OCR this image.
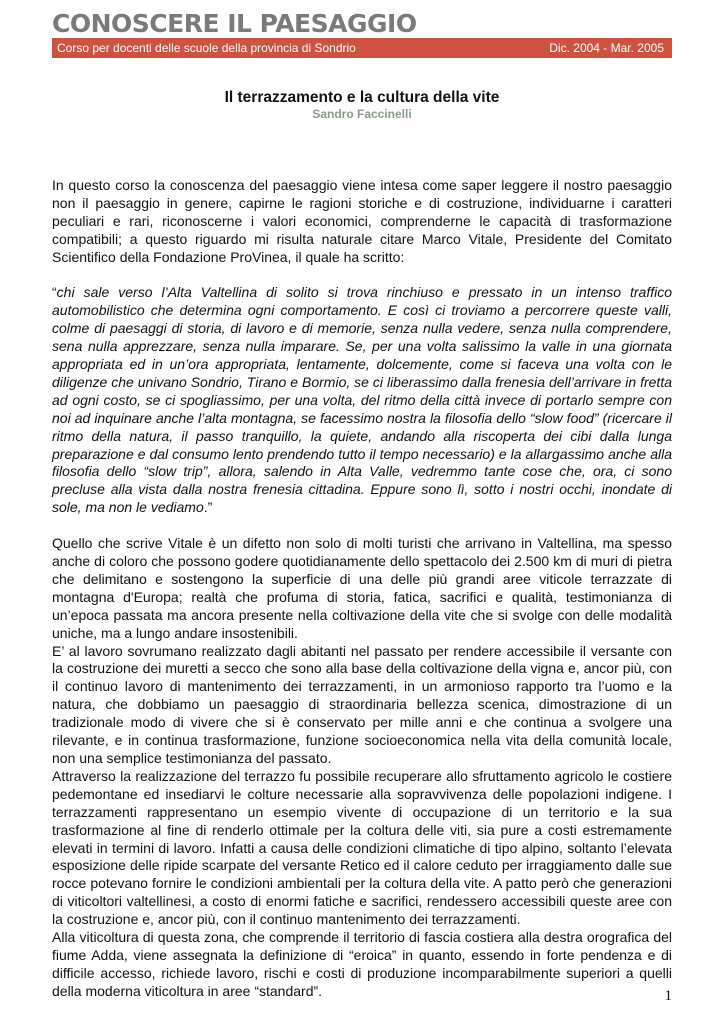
CONOSCERE IL PAESAGGIO
Corso per docenti delle scuole della provincia di Sondrio	Dic. 2004 - Mar. 2005
Il terrazzamento e la cultura della vite
Sandro Faccinelli

In questo corso la conoscenza del paesaggio viene intesa come saper leggere il nostro paesaggio non il paesaggio in genere, capirne le ragioni storiche e di costruzione, individuarne i caratteri peculiari e rari, riconoscerne i valori economici, comprenderne le capacità di trasformazione compatibili; a questo riguardo mi risulta naturale citare Marco Vitale, Presidente del Comitato Scientifico della Fondazione ProVinea, il quale ha scritto:

“chi sale verso l’Alta Valtellina di solito si trova rinchiuso e pressato in un intenso traffico automobilistico che determina ogni comportamento. E così ci troviamo a percorrere queste valli, colme di paesaggi di storia, di lavoro e di memorie, senza nulla vedere, senza nulla comprendere, sena nulla apprezzare, senza nulla imparare. Se, per una volta salissimo la valle in una giornata appropriata ed in un’ora appropriata, lentamente, dolcemente, come si faceva una volta con le diligenze che univano Sondrio, Tirano e Bormio, se ci liberassimo dalla frenesia dell’arrivare in fretta ad ogni costo, se ci spogliassimo, per una volta, del ritmo della città invece di portarlo sempre con noi ad inquinare anche l’alta montagna, se facessimo nostra la filosofia dello “slow food” (ricercare il ritmo della natura, il passo tranquillo, la quiete, andando alla riscoperta dei cibi dalla lunga preparazione e dal consumo lento prendendo tutto il tempo necessario) e la allargassimo anche alla filosofia dello “slow trip”, allora, salendo in Alta Valle, vedremmo tante cose che, ora, ci sono precluse alla vista dalla nostra frenesia cittadina. Eppure sono lì, sotto i nostri occhi, inondate di sole, ma non le vediamo.”

Quello che scrive Vitale è un difetto non solo di molti turisti che arrivano in Valtellina, ma spesso anche di coloro che possono godere quotidianamente dello spettacolo dei 2.500 km di muri di pietra che delimitano e sostengono la superficie di una delle più grandi aree viticole terrazzate di montagna d'Europa; realtà che profuma di storia, fatica, sacrifici e qualità, testimonianza di un’epoca passata ma ancora presente nella coltivazione della vite che si svolge con delle modalità uniche, ma a lungo andare insostenibili.

E’ al lavoro sovrumano realizzato dagli abitanti nel passato per rendere accessibile il versante con la costruzione dei muretti a secco che sono alla base della coltivazione della vigna e, ancor più, con il continuo lavoro di mantenimento dei terrazzamenti, in un armonioso rapporto tra l’uomo e la natura, che dobbiamo un paesaggio di straordinaria bellezza scenica, dimostrazione di un tradizionale modo di vivere che si è conservato per mille anni e che continua a svolgere una rilevante, e in continua trasformazione, funzione socioeconomica nella vita della comunità locale, non una semplice testimonianza del passato.

Attraverso la realizzazione del terrazzo fu possibile recuperare allo sfruttamento agricolo le costiere pedemontane ed insediarvi le colture necessarie alla sopravvivenza delle popolazioni indigene. I terrazzamenti rappresentano un esempio vivente di occupazione di un territorio e la sua trasformazione al fine di renderlo ottimale per la coltura delle viti, sia pure a costi estremamente elevati in termini di lavoro. Infatti a causa delle condizioni climatiche di tipo alpino, soltanto l’elevata esposizione delle ripide scarpate del versante Retico ed il calore ceduto per irraggiamento dalle sue rocce potevano fornire le condizioni ambientali per la coltura della vite. A patto però che generazioni di viticoltori valtellinesi, a costo di enormi fatiche e sacrifici, rendessero accessibili queste aree con la costruzione e, ancor più, con il continuo mantenimento dei terrazzamenti.

Alla viticoltura di questa zona, che comprende il territorio di fascia costiera alla destra orografica del fiume Adda, viene assegnata la definizione di “eroica” in quanto, essendo in forte pendenza e di difficile accesso, richiede lavoro, rischi e costi di produzione incomparabilmente superiori a quelli della moderna viticoltura in aree “standard”.	1
